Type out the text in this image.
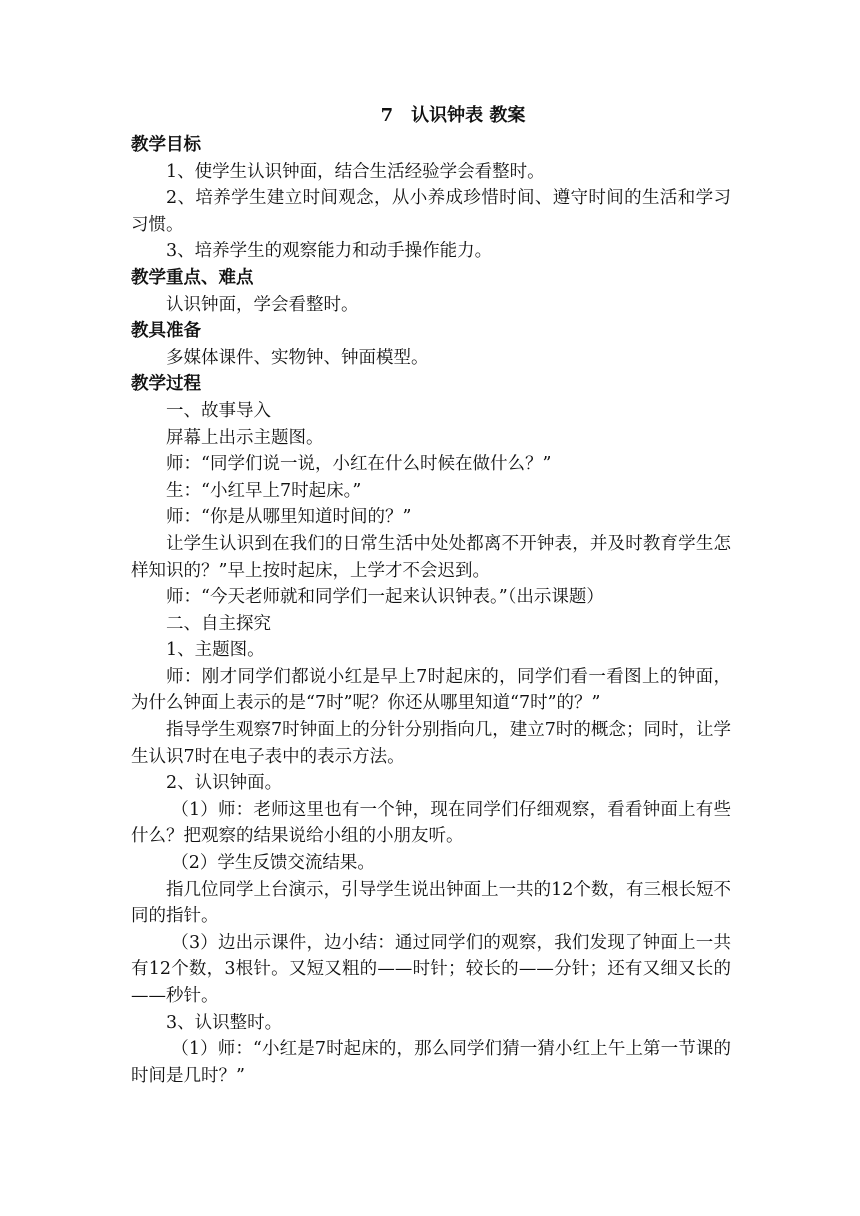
7　认识钟表 教案
教学目标
1、使学生认识钟面，结合生活经验学会看整时。
2、培养学生建立时间观念，从小养成珍惜时间、遵守时间的生活和学习习惯。
3、培养学生的观察能力和动手操作能力。
教学重点、难点
认识钟面，学会看整时。
教具准备
多媒体课件、实物钟、钟面模型。
教学过程
一、故事导入
屏幕上出示主题图。
师：“同学们说一说，小红在什么时候在做什么？”
生：“小红早上7时起床。”
师：“你是从哪里知道时间的？”
让学生认识到在我们的日常生活中处处都离不开钟表，并及时教育学生怎样知识的？”早上按时起床，上学才不会迟到。
师：“今天老师就和同学们一起来认识钟表。”（出示课题）
二、自主探究
1、主题图。
师：刚才同学们都说小红是早上7时起床的，同学们看一看图上的钟面，为什么钟面上表示的是“7时”呢？你还从哪里知道“7时”的？”
指导学生观察7时钟面上的分针分别指向几，建立7时的概念；同时，让学生认识7时在电子表中的表示方法。
2、认识钟面。
（1）师：老师这里也有一个钟，现在同学们仔细观察，看看钟面上有些什么？把观察的结果说给小组的小朋友听。
（2）学生反馈交流结果。
指几位同学上台演示，引导学生说出钟面上一共的12个数，有三根长短不同的指针。
（3）边出示课件，边小结：通过同学们的观察，我们发现了钟面上一共有12个数，3根针。又短又粗的——时针；较长的——分针；还有又细又长的——秒针。
3、认识整时。
（1）师：“小红是7时起床的，那么同学们猜一猜小红上午上第一节课的时间是几时？”
